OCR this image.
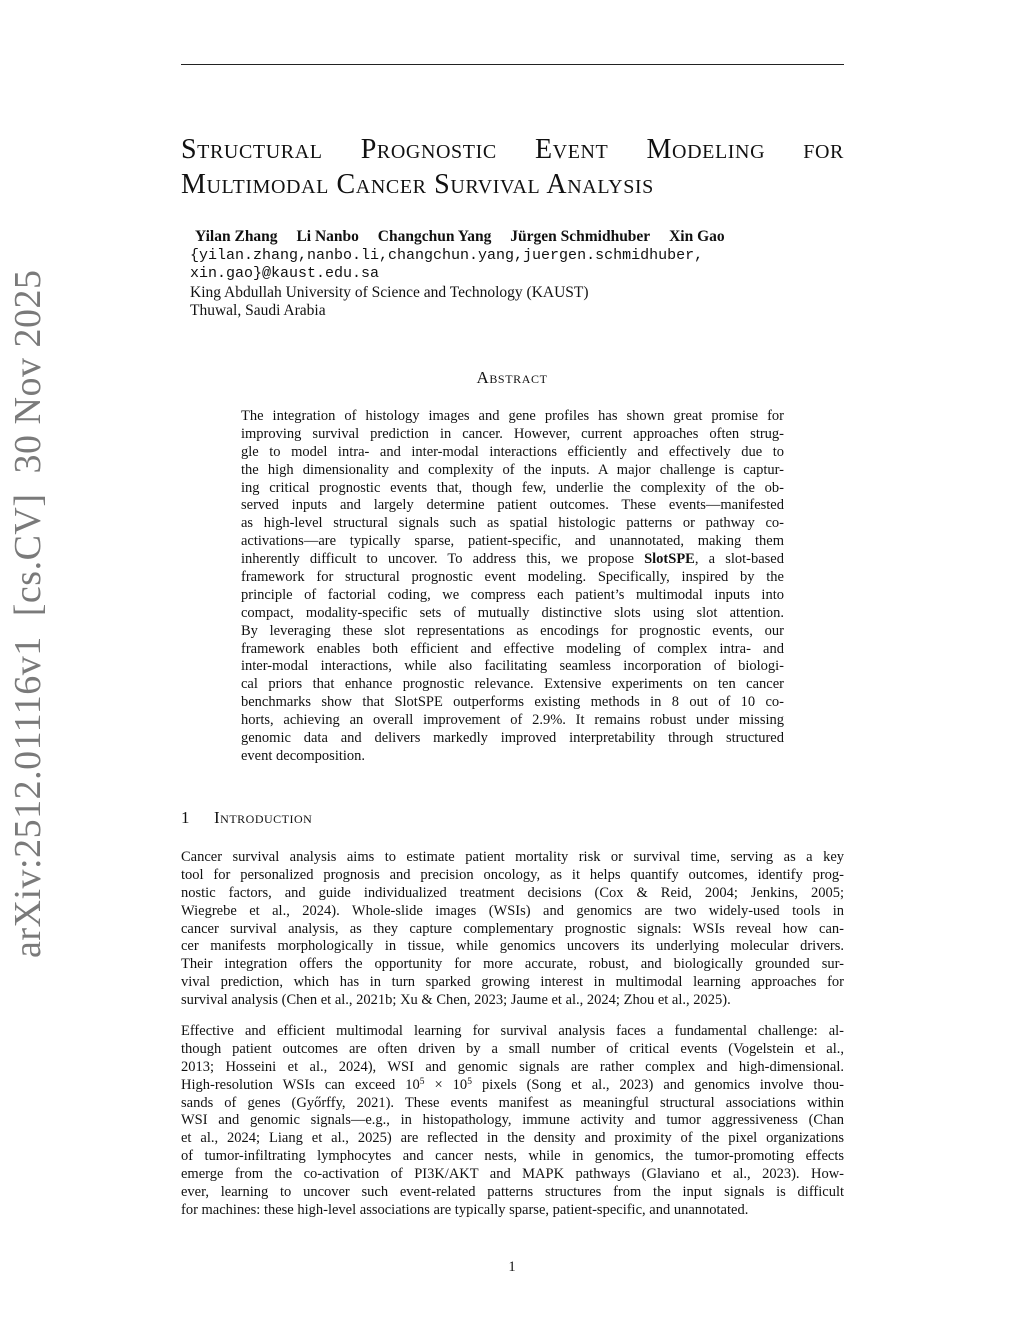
arXiv:2512.01116v1[cs.CV]30 Nov 2025
Structural Prognostic Event Modeling for
Multimodal Cancer Survival Analysis
Yilan Zhang Li Nanbo Changchun Yang Jürgen Schmidhuber Xin Gao
{yilan.zhang,nanbo.li,changchun.yang,juergen.schmidhuber,
xin.gao}@kaust.edu.sa
King Abdullah University of Science and Technology (KAUST)
Thuwal, Saudi Arabia
Abstract
The integration of histology images and gene profiles has shown great promise for
improving survival prediction in cancer. However, current approaches often strug-
gle to model intra- and inter-modal interactions efficiently and effectively due to
the high dimensionality and complexity of the inputs. A major challenge is captur-
ing critical prognostic events that, though few, underlie the complexity of the ob-
served inputs and largely determine patient outcomes. These events—manifested
as high-level structural signals such as spatial histologic patterns or pathway co-
activations—are typically sparse, patient-specific, and unannotated, making them
inherently difficult to uncover. To address this, we propose SlotSPE, a slot-based
framework for structural prognostic event modeling. Specifically, inspired by the
principle of factorial coding, we compress each patient’s multimodal inputs into
compact, modality-specific sets of mutually distinctive slots using slot attention.
By leveraging these slot representations as encodings for prognostic events, our
framework enables both efficient and effective modeling of complex intra- and
inter-modal interactions, while also facilitating seamless incorporation of biologi-
cal priors that enhance prognostic relevance. Extensive experiments on ten cancer
benchmarks show that SlotSPE outperforms existing methods in 8 out of 10 co-
horts, achieving an overall improvement of 2.9%. It remains robust under missing
genomic data and delivers markedly improved interpretability through structured
event decomposition.
1 Introduction
Cancer survival analysis aims to estimate patient mortality risk or survival time, serving as a key
tool for personalized prognosis and precision oncology, as it helps quantify outcomes, identify prog-
nostic factors, and guide individualized treatment decisions (Cox & Reid, 2004; Jenkins, 2005;
Wiegrebe et al., 2024). Whole-slide images (WSIs) and genomics are two widely-used tools in
cancer survival analysis, as they capture complementary prognostic signals: WSIs reveal how can-
cer manifests morphologically in tissue, while genomics uncovers its underlying molecular drivers.
Their integration offers the opportunity for more accurate, robust, and biologically grounded sur-
vival prediction, which has in turn sparked growing interest in multimodal learning approaches for
survival analysis (Chen et al., 2021b; Xu & Chen, 2023; Jaume et al., 2024; Zhou et al., 2025).
Effective and efficient multimodal learning for survival analysis faces a fundamental challenge: al-
though patient outcomes are often driven by a small number of critical events (Vogelstein et al.,
2013; Hosseini et al., 2024), WSI and genomic signals are rather complex and high-dimensional.
High-resolution WSIs can exceed $10^5 \times 10^5$ pixels (Song et al., 2023) and genomics involve thou-
sands of genes (Győrffy, 2021). These events manifest as meaningful structural associations within
WSI and genomic signals—e.g., in histopathology, immune activity and tumor aggressiveness (Chan
et al., 2024; Liang et al., 2025) are reflected in the density and proximity of the pixel organizations
of tumor-infiltrating lymphocytes and cancer nests, while in genomics, the tumor-promoting effects
emerge from the co-activation of PI3K/AKT and MAPK pathways (Glaviano et al., 2023). How-
ever, learning to uncover such event-related patterns structures from the input signals is difficult
for machines: these high-level associations are typically sparse, patient-specific, and unannotated.
1
